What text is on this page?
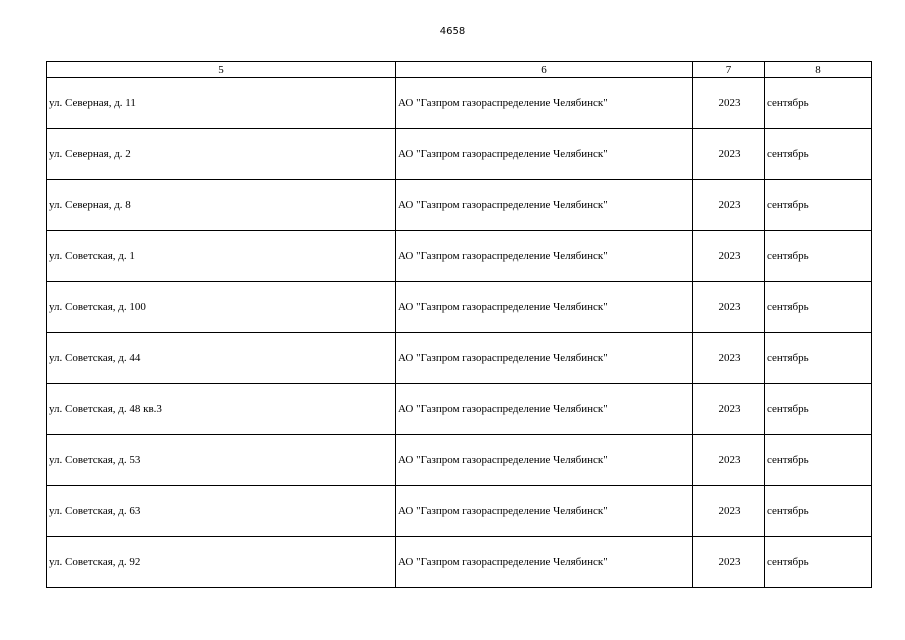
4658
5	6	7	8
ул. Северная, д. 11	АО "Газпром газораспределение Челябинск"	2023	сентябрь
ул. Северная, д. 2	АО "Газпром газораспределение Челябинск"	2023	сентябрь
ул. Северная, д. 8	АО "Газпром газораспределение Челябинск"	2023	сентябрь
ул. Советская, д. 1	АО "Газпром газораспределение Челябинск"	2023	сентябрь
ул. Советская, д. 100	АО "Газпром газораспределение Челябинск"	2023	сентябрь
ул. Советская, д. 44	АО "Газпром газораспределение Челябинск"	2023	сентябрь
ул. Советская, д. 48 кв.3	АО "Газпром газораспределение Челябинск"	2023	сентябрь
ул. Советская, д. 53	АО "Газпром газораспределение Челябинск"	2023	сентябрь
ул. Советская, д. 63	АО "Газпром газораспределение Челябинск"	2023	сентябрь
ул. Советская, д. 92	АО "Газпром газораспределение Челябинск"	2023	сентябрь
